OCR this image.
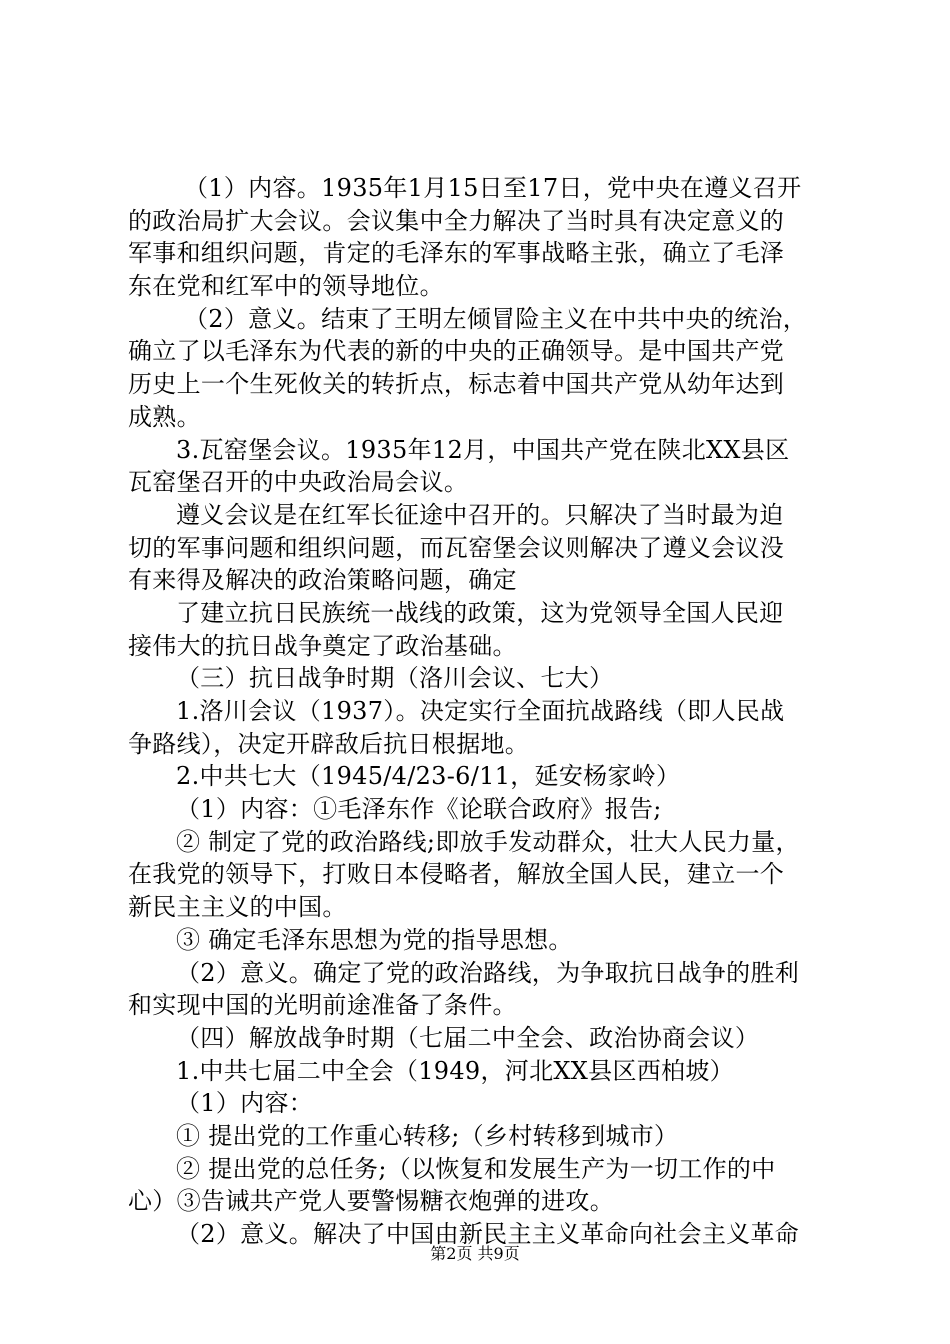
（1）内容。1935年1月15日至17日，党中央在遵义召开
的政治局扩大会议。会议集中全力解决了当时具有决定意义的
军事和组织问题，肯定的毛泽东的军事战略主张，确立了毛泽
东在党和红军中的领导地位。
（2）意义。结束了王明左倾冒险主义在中共中央的统治，
确立了以毛泽东为代表的新的中央的正确领导。是中国共产党
历史上一个生死攸关的转折点，标志着中国共产党从幼年达到
成熟。
3.瓦窑堡会议。1935年12月，中国共产党在陕北XX县区
瓦窑堡召开的中央政治局会议。
遵义会议是在红军长征途中召开的。只解决了当时最为迫
切的军事问题和组织问题，而瓦窑堡会议则解决了遵义会议没
有来得及解决的政治策略问题，确定
了建立抗日民族统一战线的政策，这为党领导全国人民迎
接伟大的抗日战争奠定了政治基础。
（三）抗日战争时期（洛川会议、七大）
1.洛川会议（1937）。决定实行全面抗战路线（即人民战
争路线），决定开辟敌后抗日根据地。
2.中共七大（1945/4/23-6/11，延安杨家岭）
（1）内容：①毛泽东作《论联合政府》报告;
② 制定了党的政治路线;即放手发动群众，壮大人民力量，
在我党的领导下，打败日本侵略者，解放全国人民，建立一个
新民主主义的中国。
③ 确定毛泽东思想为党的指导思想。
（2）意义。确定了党的政治路线，为争取抗日战争的胜利
和实现中国的光明前途准备了条件。
（四）解放战争时期（七届二中全会、政治协商会议）
1.中共七届二中全会（1949，河北XX县区西柏坡）
（1）内容：
① 提出党的工作重心转移;（乡村转移到城市）
② 提出党的总任务;（以恢复和发展生产为一切工作的中
心）③告诫共产党人要警惕糖衣炮弹的进攻。
（2）意义。解决了中国由新民主主义革命向社会主义革命
第2页 共9页
